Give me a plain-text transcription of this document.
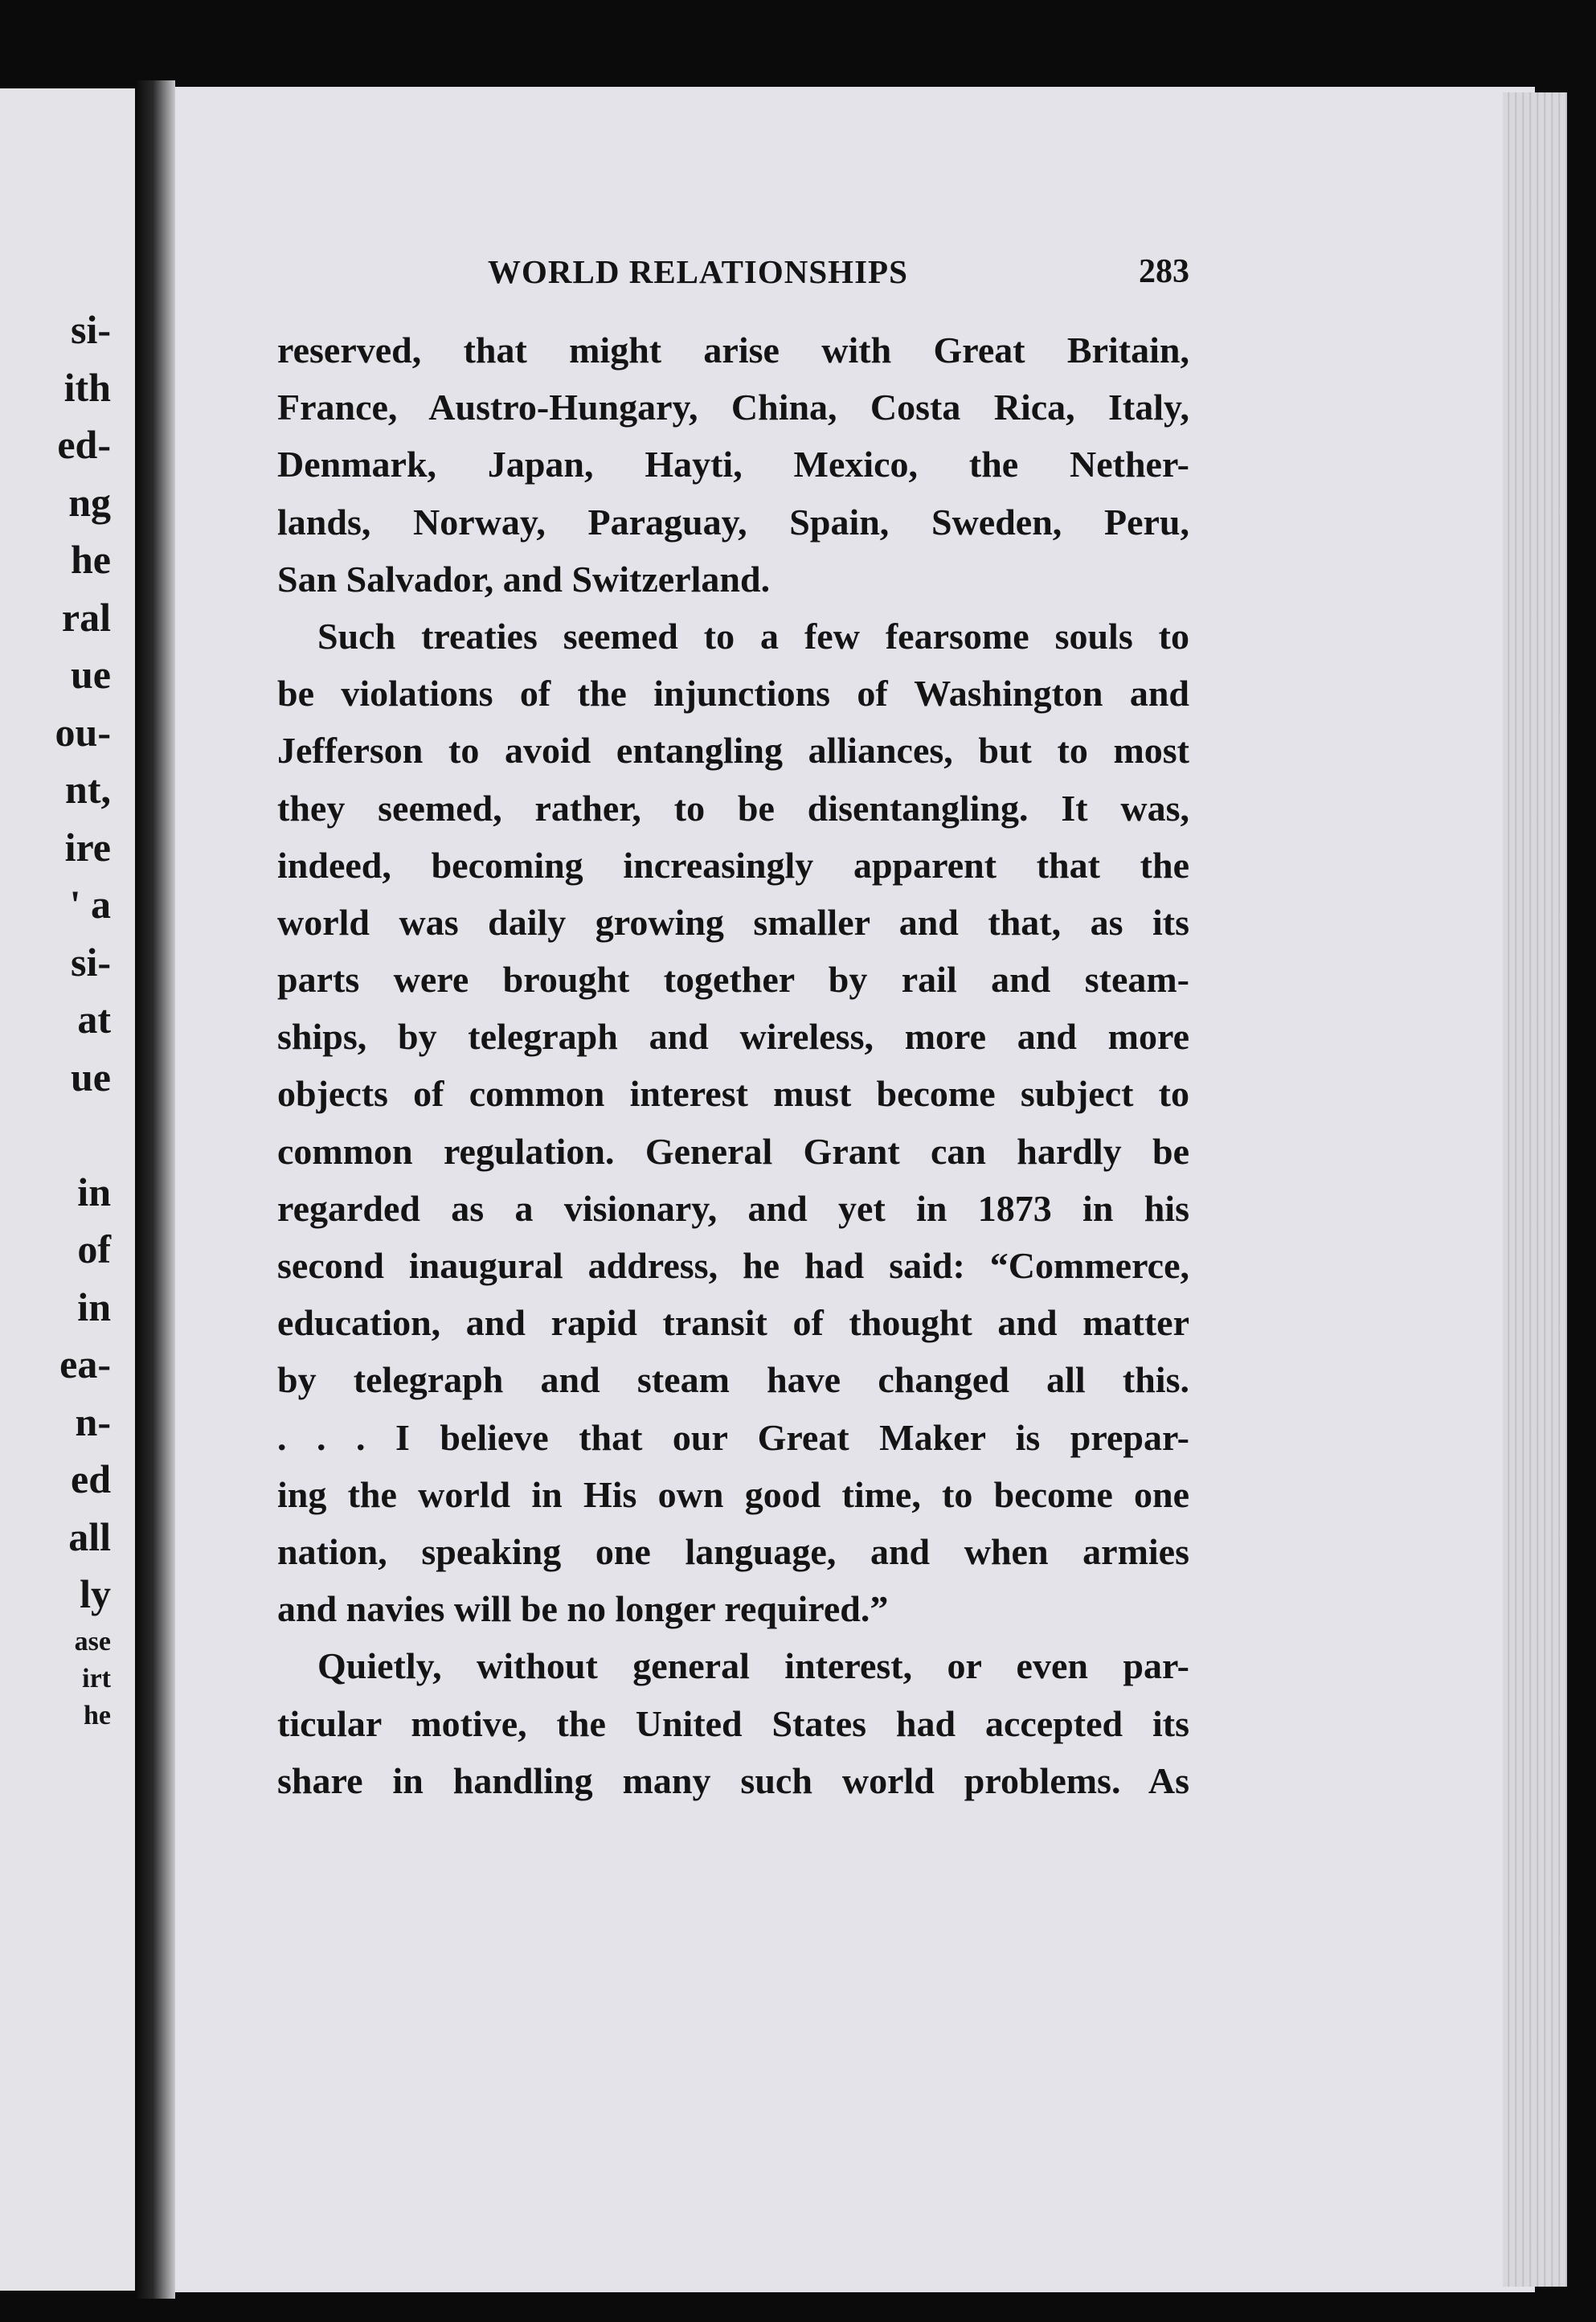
si-
ith
ed-
ng
he
ral
ue
ou-
nt,
ire
' a
si-
at
ue
in
of
in
ea-
n-
ed
all
ly
ase
irt
he
WORLD RELATIONSHIPS	283
reserved, that might arise with Great Britain,
France, Austro-Hungary, China, Costa Rica, Italy,
Denmark, Japan, Hayti, Mexico, the Nether-
lands, Norway, Paraguay, Spain, Sweden, Peru,
San Salvador, and Switzerland.
Such treaties seemed to a few fearsome souls to
be violations of the injunctions of Washington and
Jefferson to avoid entangling alliances, but to most
they seemed, rather, to be disentangling. It was,
indeed, becoming increasingly apparent that the
world was daily growing smaller and that, as its
parts were brought together by rail and steam-
ships, by telegraph and wireless, more and more
objects of common interest must become subject to
common regulation. General Grant can hardly be
regarded as a visionary, and yet in 1873 in his
second inaugural address, he had said: “Commerce,
education, and rapid transit of thought and matter
by telegraph and steam have changed all this.
. . . I believe that our Great Maker is prepar-
ing the world in His own good time, to become one
nation, speaking one language, and when armies
and navies will be no longer required.”
Quietly, without general interest, or even par-
ticular motive, the United States had accepted its
share in handling many such world problems. As
